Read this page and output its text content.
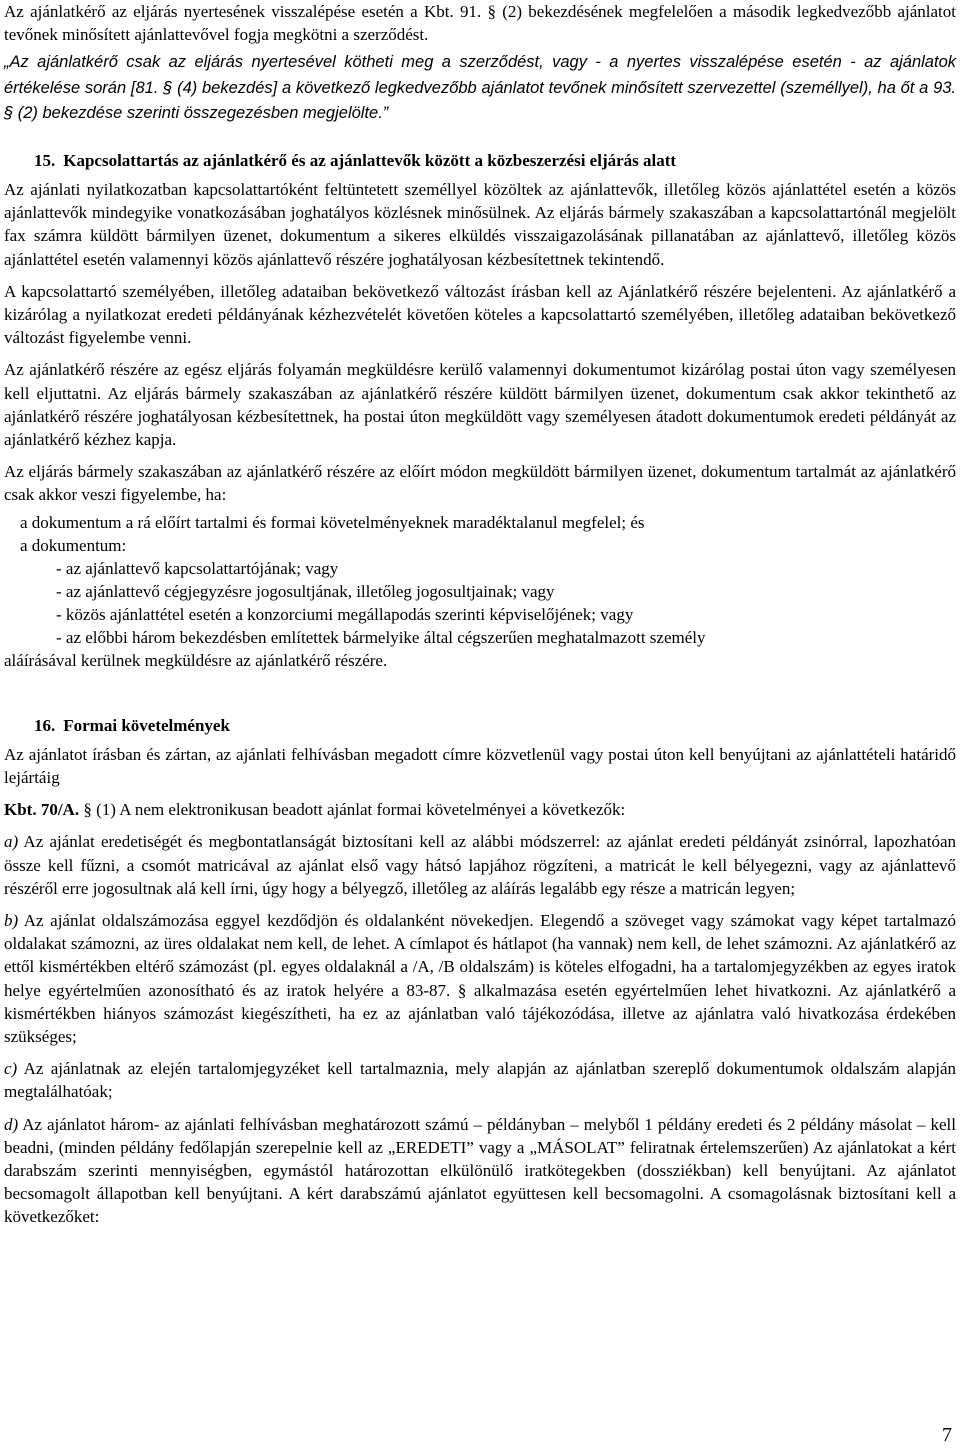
Az ajánlatkérő az eljárás nyertesének visszalépése esetén a Kbt. 91. § (2) bekezdésének megfelelően a második legkedvezőbb ajánlatot tevőnek minősített ajánlattevővel fogja megkötni a szerződést.

„Az ajánlatkérő csak az eljárás nyertesével kötheti meg a szerződést, vagy - a nyertes visszalépése esetén - az ajánlatok értékelése során [81. § (4) bekezdés] a következő legkedvezőbb ajánlatot tevőnek minősített szervezettel (személlyel), ha őt a 93. § (2) bekezdése szerinti összegezésben megjelölte.”

15. Kapcsolattartás az ajánlatkérő és az ajánlattevők között a közbeszerzési eljárás alatt

Az ajánlati nyilatkozatban kapcsolattartóként feltüntetett személlyel közöltek az ajánlattevők, illetőleg közös ajánlattétel esetén a közös ajánlattevők mindegyike vonatkozásában joghatályos közlésnek minősülnek. Az eljárás bármely szakaszában a kapcsolattartónál megjelölt fax számra küldött bármilyen üzenet, dokumentum a sikeres elküldés visszaigazolásának pillanatában az ajánlattevő, illetőleg közös ajánlattétel esetén valamennyi közös ajánlattevő részére joghatályosan kézbesítettnek tekintendő.

A kapcsolattartó személyében, illetőleg adataiban bekövetkező változást írásban kell az Ajánlatkérő részére bejelenteni. Az ajánlatkérő a kizárólag a nyilatkozat eredeti példányának kézhezvételét követően köteles a kapcsolattartó személyében, illetőleg adataiban bekövetkező változást figyelembe venni.

Az ajánlatkérő részére az egész eljárás folyamán megküldésre kerülő valamennyi dokumentumot kizárólag postai úton vagy személyesen kell eljuttatni. Az eljárás bármely szakaszában az ajánlatkérő részére küldött bármilyen üzenet, dokumentum csak akkor tekinthető az ajánlatkérő részére joghatályosan kézbesítettnek, ha postai úton megküldött vagy személyesen átadott dokumentumok eredeti példányát az ajánlatkérő kézhez kapja.

Az eljárás bármely szakaszában az ajánlatkérő részére az előírt módon megküldött bármilyen üzenet, dokumentum tartalmát az ajánlatkérő csak akkor veszi figyelembe, ha:

a dokumentum a rá előírt tartalmi és formai követelményeknek maradéktalanul megfelel; és
a dokumentum:
- az ajánlattevő kapcsolattartójának; vagy
- az ajánlattevő cégjegyzésre jogosultjának, illetőleg jogosultjainak; vagy
- közös ajánlattétel esetén a konzorciumi megállapodás szerinti képviselőjének; vagy
- az előbbi három bekezdésben említettek bármelyike által cégszerűen meghatalmazott személy

aláírásával kerülnek megküldésre az ajánlatkérő részére.

16. Formai követelmények

Az ajánlatot írásban és zártan, az ajánlati felhívásban megadott címre közvetlenül vagy postai úton kell benyújtani az ajánlattételi határidő lejártáig

Kbt. 70/A. § (1) A nem elektronikusan beadott ajánlat formai követelményei a következők:

a) Az ajánlat eredetiségét és megbontatlanságát biztosítani kell az alábbi módszerrel: az ajánlat eredeti példányát zsinórral, lapozhatóan össze kell fűzni, a csomót matricával az ajánlat első vagy hátsó lapjához rögzíteni, a matricát le kell bélyegezni, vagy az ajánlattevő részéről erre jogosultnak alá kell írni, úgy hogy a bélyegző, illetőleg az aláírás legalább egy része a matricán legyen;

b) Az ajánlat oldalszámozása eggyel kezdődjön és oldalanként növekedjen. Elegendő a szöveget vagy számokat vagy képet tartalmazó oldalakat számozni, az üres oldalakat nem kell, de lehet. A címlapot és hátlapot (ha vannak) nem kell, de lehet számozni. Az ajánlatkérő az ettől kismértékben eltérő számozást (pl. egyes oldalaknál a /A, /B oldalszám) is köteles elfogadni, ha a tartalomjegyzékben az egyes iratok helye egyértelműen azonosítható és az iratok helyére a 83-87. § alkalmazása esetén egyértelműen lehet hivatkozni. Az ajánlatkérő a kismértékben hiányos számozást kiegészítheti, ha ez az ajánlatban való tájékozódása, illetve az ajánlatra való hivatkozása érdekében szükséges;

c) Az ajánlatnak az elején tartalomjegyzéket kell tartalmaznia, mely alapján az ajánlatban szereplő dokumentumok oldalszám alapján megtalálhatóak;

d) Az ajánlatot három- az ajánlati felhívásban meghatározott számú – példányban – melyből 1 példány eredeti és 2 példány másolat – kell beadni, (minden példány fedőlapján szerepelnie kell az „EREDETI” vagy a „MÁSOLAT” feliratnak értelemszerűen) Az ajánlatokat a kért darabszám szerinti mennyiségben, egymástól határozottan elkülönülő iratkötegekben (dossziékban) kell benyújtani. Az ajánlatot becsomagolt állapotban kell benyújtani. A kért darabszámú ajánlatot együttesen kell becsomagolni. A csomagolásnak biztosítani kell a következőket:

7
